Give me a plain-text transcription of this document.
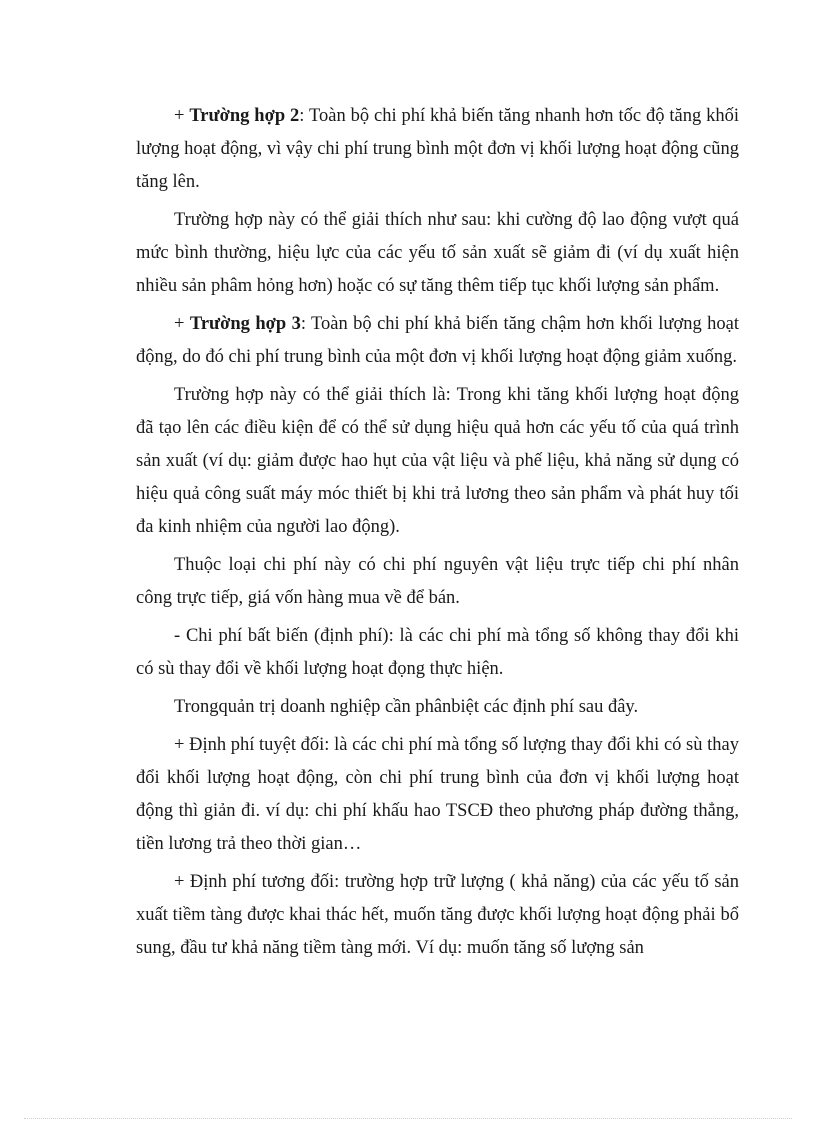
+ Trường hợp 2: Toàn bộ chi phí khả biến tăng nhanh hơn tốc độ tăng khối lượng hoạt động, vì vậy chi phí trung bình một đơn vị khối lượng hoạt động cũng tăng lên.

Trường hợp này có thể giải thích như sau: khi cường độ lao động vượt quá mức bình thường, hiệu lực của các yếu tố sản xuất sẽ giảm đi (ví dụ xuất hiện nhiều sản phâm hỏng hơn) hoặc có sự tăng thêm tiếp tục khối lượng sản phẩm.

+ Trường hợp 3: Toàn bộ chi phí khả biến tăng chậm hơn khối lượng hoạt động, do đó chi phí trung bình của một đơn vị khối lượng hoạt động giảm xuống.

Trường hợp này có thể giải thích là: Trong khi tăng khối lượng hoạt động đã tạo lên các điều kiện để có thể sử dụng hiệu quả hơn các yếu tố của quá trình sản xuất (ví dụ: giảm được hao hụt của vật liệu và phế liệu, khả năng sử dụng có hiệu quả công suất máy móc thiết bị khi trả lương theo sản phẩm và phát huy tối đa kinh nhiệm của người lao động).

Thuộc loại chi phí này có chi phí nguyên vật liệu trực tiếp chi phí nhân công trực tiếp, giá vốn hàng mua về để bán.

- Chi phí bất biến (định phí): là các chi phí mà tổng số không thay đổi khi có sù thay đổi về khối lượng hoạt đọng thực hiện.

Trongquản trị doanh nghiệp cần phânbiệt các định phí sau đây.

+ Định phí tuyệt đối: là các chi phí mà tổng số lượng thay đổi khi có sù thay đổi khối lượng hoạt động, còn chi phí trung bình của đơn vị khối lượng hoạt động thì giản đi. ví dụ: chi phí khấu hao TSCĐ theo phương pháp đường thẳng, tiền lương trả theo thời gian…

+ Định phí tương đối: trường hợp trữ lượng ( khả năng) của các yếu tố sản xuất tiềm tàng được khai thác hết, muốn tăng được khối lượng hoạt động phải bổ sung, đầu tư khả năng tiềm tàng mới. Ví dụ: muốn tăng số lượng sản
